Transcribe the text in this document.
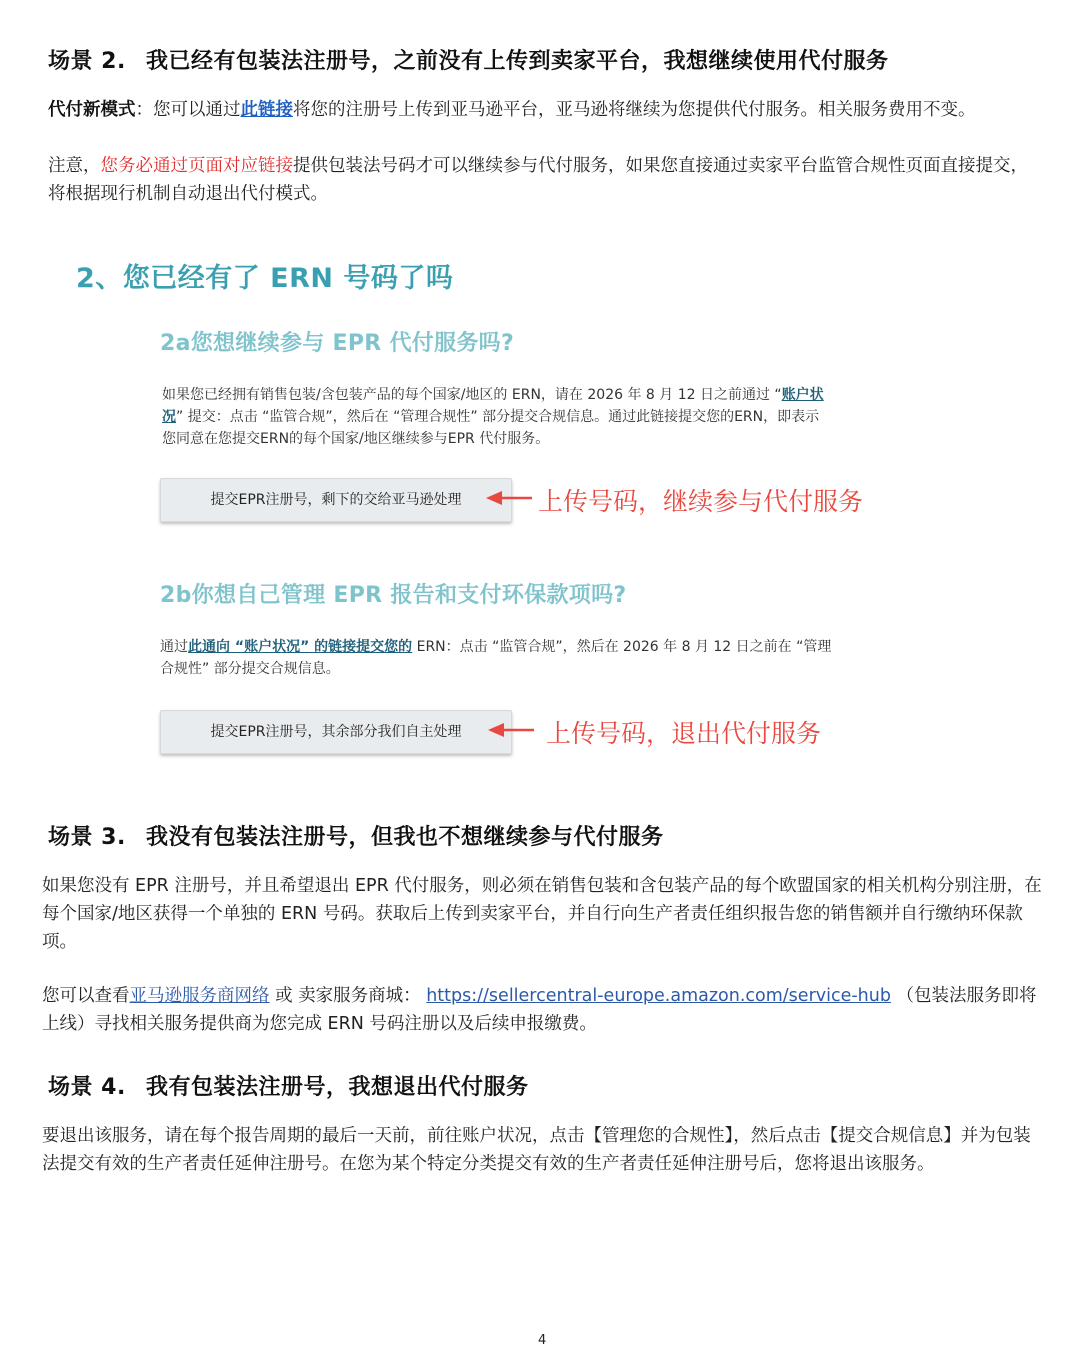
场景 2. 我已经有包装法注册号，之前没有上传到卖家平台，我想继续使用代付服务
代付新模式：您可以通过此链接将您的注册号上传到亚马逊平台，亚马逊将继续为您提供代付服务。相关服务费用不变。
注意，您务必通过页面对应链接提供包装法号码才可以继续参与代付服务，如果您直接通过卖家平台监管合规性页面直接提交，将根据现行机制自动退出代付模式。
2、您已经有了 ERN 号码了吗
2a您想继续参与 EPR 代付服务吗?
如果您已经拥有销售包装/含包装产品的每个国家/地区的 ERN，请在 2026 年 8 月 12 日之前通过 “账户状况” 提交：点击 “监管合规”，然后在 “管理合规性” 部分提交合规信息。通过此链接提交您的ERN，即表示您同意在您提交ERN的每个国家/地区继续参与EPR 代付服务。
提交EPR注册号，剩下的交给亚马逊处理	上传号码，继续参与代付服务
2b你想自己管理 EPR 报告和支付环保款项吗?
通过此通向 “账户状况” 的链接提交您的 ERN：点击 “监管合规”，然后在 2026 年 8 月 12 日之前在 “管理合规性” 部分提交合规信息。
提交EPR注册号，其余部分我们自主处理	上传号码，退出代付服务
场景 3. 我没有包装法注册号，但我也不想继续参与代付服务
如果您没有 EPR 注册号，并且希望退出 EPR 代付服务，则必须在销售包装和含包装产品的每个欧盟国家的相关机构分别注册，在每个国家/地区获得一个单独的 ERN 号码。获取后上传到卖家平台，并自行向生产者责任组织报告您的销售额并自行缴纳环保款项。
您可以查看亚马逊服务商网络 或 卖家服务商城： https://sellercentral-europe.amazon.com/service-hub （包装法服务即将上线）寻找相关服务提供商为您完成 ERN 号码注册以及后续申报缴费。
场景 4. 我有包装法注册号，我想退出代付服务
要退出该服务，请在每个报告周期的最后一天前，前往账户状况，点击【管理您的合规性】，然后点击【提交合规信息】并为包装法提交有效的生产者责任延伸注册号。在您为某个特定分类提交有效的生产者责任延伸注册号后，您将退出该服务。
4
